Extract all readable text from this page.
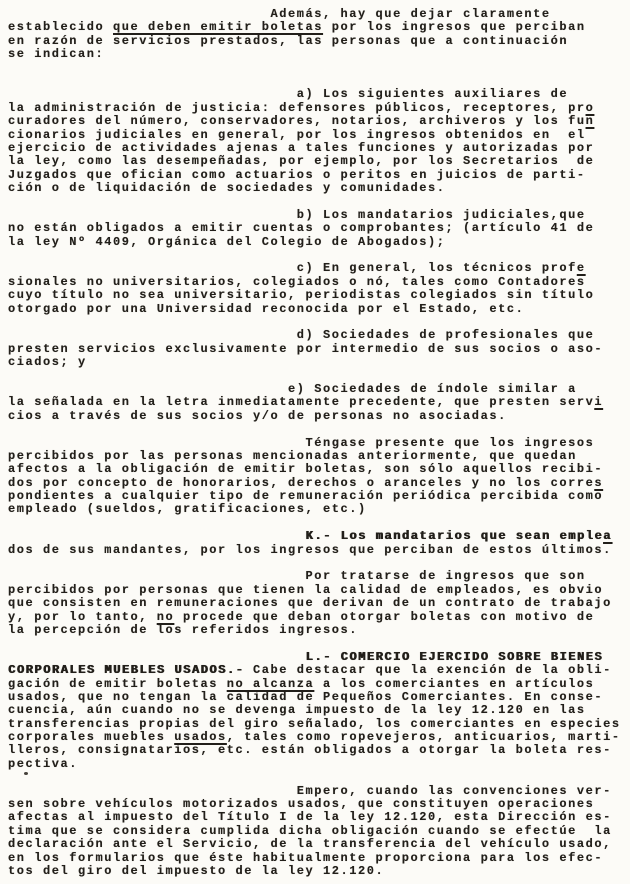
Además, hay que dejar claramente
establecido que deben emitir boletas por los ingresos que perciban
en razón de servicios prestados, las personas que a continuación
se indican:
a) Los siguientes auxiliares de
la administración de justicia: defensores públicos, receptores, pro
curadores del número, conservadores, notarios, archiveros y los fun
cionarios judiciales en general, por los ingresos obtenidos en  el
ejercicio de actividades ajenas a tales funciones y autorizadas por
la ley, como las desempeñadas, por ejemplo, por los Secretarios  de
Juzgados que ofician como actuarios o peritos en juicios de parti-
ción o de liquidación de sociedades y comunidades.
b) Los mandatarios judiciales,que
no están obligados a emitir cuentas o comprobantes; (artículo 41 de
la ley Nº 4409, Orgánica del Colegio de Abogados);
c) En general, los técnicos profe
sionales no universitarios, colegiados o nó, tales como Contadores
cuyo título no sea universitario, periodistas colegiados sin título
otorgado por una Universidad reconocida por el Estado, etc.
d) Sociedades de profesionales que
presten servicios exclusivamente por intermedio de sus socios o aso-
ciados; y
e) Sociedades de índole similar a
la señalada en la letra inmediatamente precedente, que presten servi
cios a través de sus socios y/o de personas no asociadas.
Téngase presente que los ingresos
percibidos por las personas mencionadas anteriormente, que quedan
afectos a la obligación de emitir boletas, son sólo aquellos recibi-
dos por concepto de honorarios, derechos o aranceles y no los corres
pondientes a cualquier tipo de remuneración periódica percibida como
empleado (sueldos, gratificaciones, etc.)
K.- Los mandatarios que sean emplea
dos de sus mandantes, por los ingresos que perciban de estos últimos.
Por tratarse de ingresos que son
percibidos por personas que tienen la calidad de empleados, es obvio
que consisten en remuneraciones que derivan de un contrato de trabajo
y, por lo tanto, no procede que deban otorgar boletas con motivo de
la percepción de los referidos ingresos.
L.- COMERCIO EJERCIDO SOBRE BIENES
CORPORALES MUEBLES USADOS.- Cabe destacar que la exención de la obli-
gación de emitir boletas no alcanza a los comerciantes en artículos
usados, que no tengan la calidad de Pequeños Comerciantes. En conse-
cuencia, aún cuando no se devenga impuesto de la ley 12.120 en las
transferencias propias del giro señalado, los comerciantes en especies
corporales muebles usados, tales como ropevejeros, anticuarios, marti-
lleros, consignatarios, etc. están obligados a otorgar la boleta res-
pectiva.
Empero, cuando las convenciones ver-
sen sobre vehículos motorizados usados, que constituyen operaciones
afectas al impuesto del Título I de la ley 12.120, esta Dirección es-
tima que se considera cumplida dicha obligación cuando se efectúe  la
declaración ante el Servicio, de la transferencia del vehículo usado,
en los formularios que éste habitualmente proporciona para los efec-
tos del giro del impuesto de la ley 12.120.
